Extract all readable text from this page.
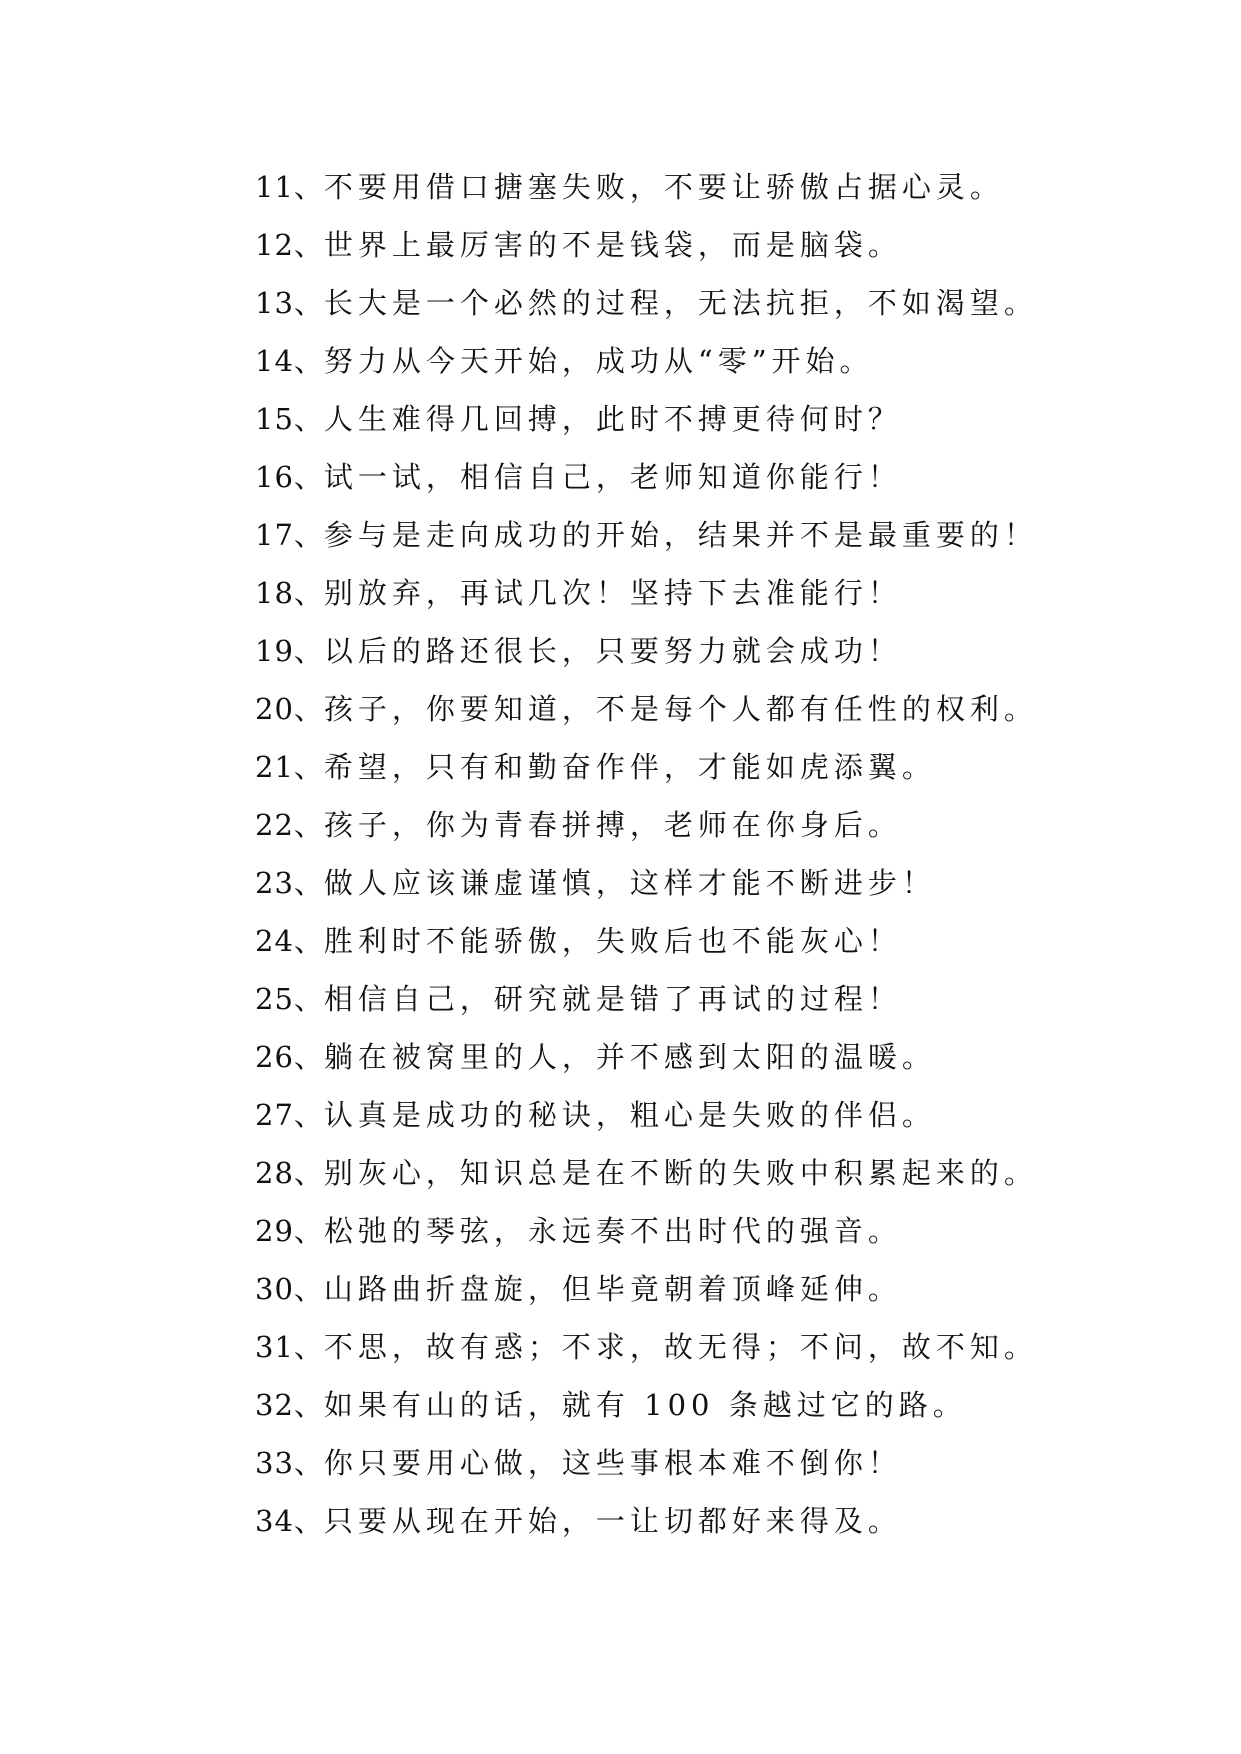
11、不要用借口搪塞失败，不要让骄傲占据心灵。
12、世界上最厉害的不是钱袋，而是脑袋。
13、长大是一个必然的过程，无法抗拒，不如渴望。
14、努力从今天开始，成功从“零”开始。
15、人生难得几回搏，此时不搏更待何时？
16、试一试，相信自己，老师知道你能行！
17、参与是走向成功的开始，结果并不是最重要的！
18、别放弃，再试几次！坚持下去准能行！
19、以后的路还很长，只要努力就会成功！
20、孩子，你要知道，不是每个人都有任性的权利。
21、希望，只有和勤奋作伴，才能如虎添翼。
22、孩子，你为青春拼搏，老师在你身后。
23、做人应该谦虚谨慎，这样才能不断进步！
24、胜利时不能骄傲，失败后也不能灰心！
25、相信自己，研究就是错了再试的过程！
26、躺在被窝里的人，并不感到太阳的温暖。
27、认真是成功的秘诀，粗心是失败的伴侣。
28、别灰心，知识总是在不断的失败中积累起来的。
29、松弛的琴弦，永远奏不出时代的强音。
30、山路曲折盘旋，但毕竟朝着顶峰延伸。
31、不思，故有惑；不求，故无得；不问，故不知。
32、如果有山的话，就有 100 条越过它的路。
33、你只要用心做，这些事根本难不倒你！
34、只要从现在开始，一让切都好来得及。
